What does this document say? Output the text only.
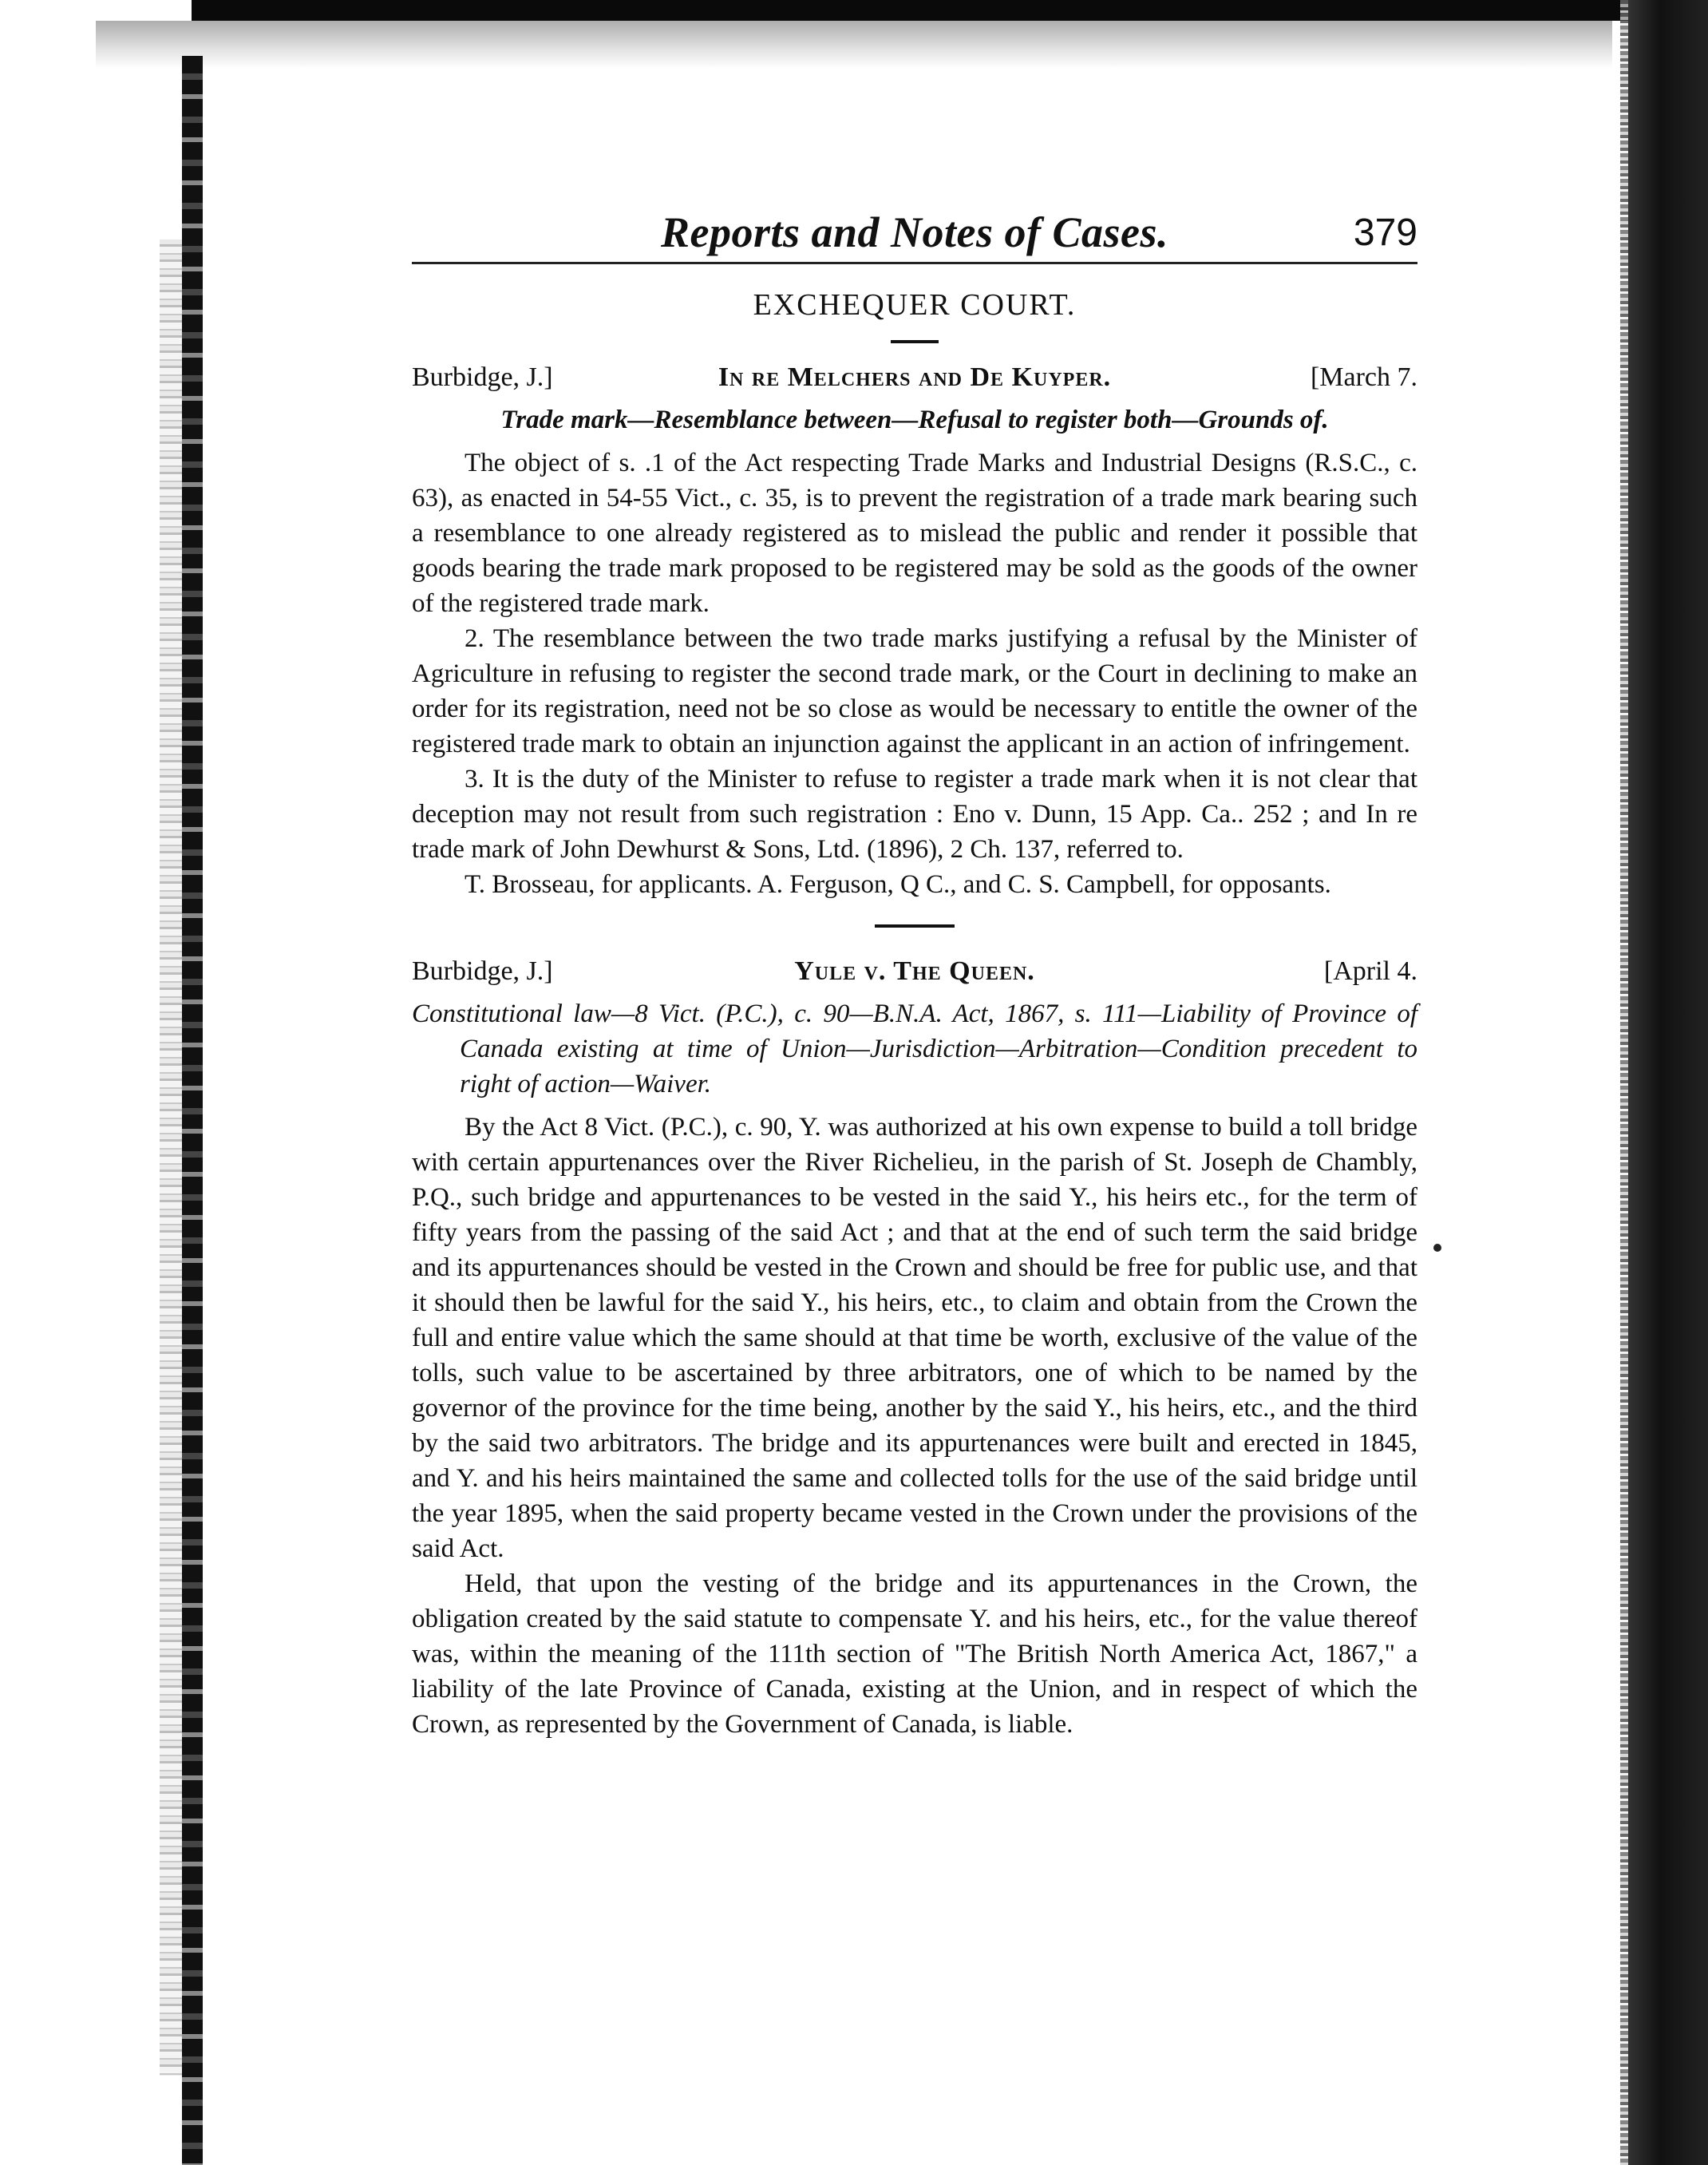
Reports and Notes of Cases.	379
EXCHEQUER COURT.
Burbidge, J.]	In re Melchers and De Kuyper.	[March 7.
Trade mark—Resemblance between—Refusal to register both—Grounds of.

The object of s. .1 of the Act respecting Trade Marks and Industrial Designs (R.S.C., c. 63), as enacted in 54-55 Vict., c. 35, is to prevent the registration of a trade mark bearing such a resemblance to one already registered as to mislead the public and render it possible that goods bearing the trade mark proposed to be registered may be sold as the goods of the owner of the registered trade mark.

2. The resemblance between the two trade marks justifying a refusal by the Minister of Agriculture in refusing to register the second trade mark, or the Court in declining to make an order for its registration, need not be so close as would be necessary to entitle the owner of the registered trade mark to obtain an injunction against the applicant in an action of infringement.

3. It is the duty of the Minister to refuse to register a trade mark when it is not clear that deception may not result from such registration : Eno v. Dunn, 15 App. Ca.. 252 ; and In re trade mark of John Dewhurst & Sons, Ltd. (1896), 2 Ch. 137, referred to.

T. Brosseau, for applicants. A. Ferguson, Q C., and C. S. Campbell, for opposants.

Burbidge, J.]	Yule v. The Queen.	[April 4.
Constitutional law—8 Vict. (P.C.), c. 90—B.N.A. Act, 1867, s. 111—Liability of Province of Canada existing at time of Union—Jurisdiction—Arbitration—Condition precedent to right of action—Waiver.

By the Act 8 Vict. (P.C.), c. 90, Y. was authorized at his own expense to build a toll bridge with certain appurtenances over the River Richelieu, in the parish of St. Joseph de Chambly, P.Q., such bridge and appurtenances to be vested in the said Y., his heirs etc., for the term of fifty years from the passing of the said Act ; and that at the end of such term the said bridge and its appurtenances should be vested in the Crown and should be free for public use, and that it should then be lawful for the said Y., his heirs, etc., to claim and obtain from the Crown the full and entire value which the same should at that time be worth, exclusive of the value of the tolls, such value to be ascertained by three arbitrators, one of which to be named by the governor of the province for the time being, another by the said Y., his heirs, etc., and the third by the said two arbitrators. The bridge and its appurtenances were built and erected in 1845, and Y. and his heirs maintained the same and collected tolls for the use of the said bridge until the year 1895, when the said property became vested in the Crown under the provisions of the said Act.

Held, that upon the vesting of the bridge and its appurtenances in the Crown, the obligation created by the said statute to compensate Y. and his heirs, etc., for the value thereof was, within the meaning of the 111th section of "The British North America Act, 1867," a liability of the late Province of Canada, existing at the Union, and in respect of which the Crown, as represented by the Government of Canada, is liable.
